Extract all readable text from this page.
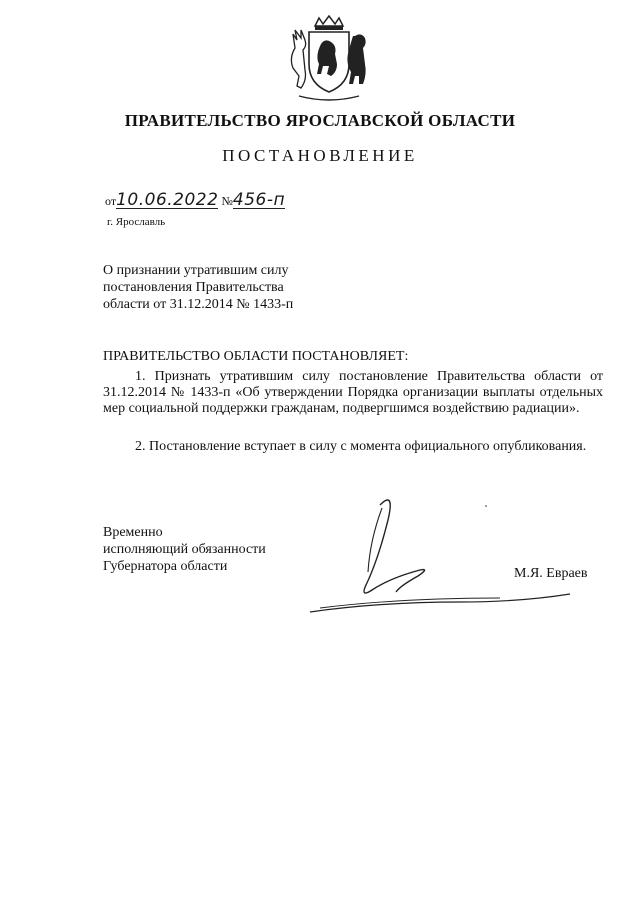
ПРАВИТЕЛЬСТВО ЯРОСЛАВСКОЙ ОБЛАСТИ
ПОСТАНОВЛЕНИЕ
от10.06.2022 №456-п
г. Ярославль
О признании утратившим силу
постановления Правительства
области от 31.12.2014 № 1433-п
ПРАВИТЕЛЬСТВО ОБЛАСТИ ПОСТАНОВЛЯЕТ:
1. Признать утратившим силу постановление Правительства области от 31.12.2014 № 1433-п «Об утверждении Порядка организации выплаты отдельных мер социальной поддержки гражданам, подвергшимся воздействию радиации».
2. Постановление вступает в силу с момента официального опубликования.
Временно
исполняющий обязанности
Губернатора области	М.Я. Евраев
